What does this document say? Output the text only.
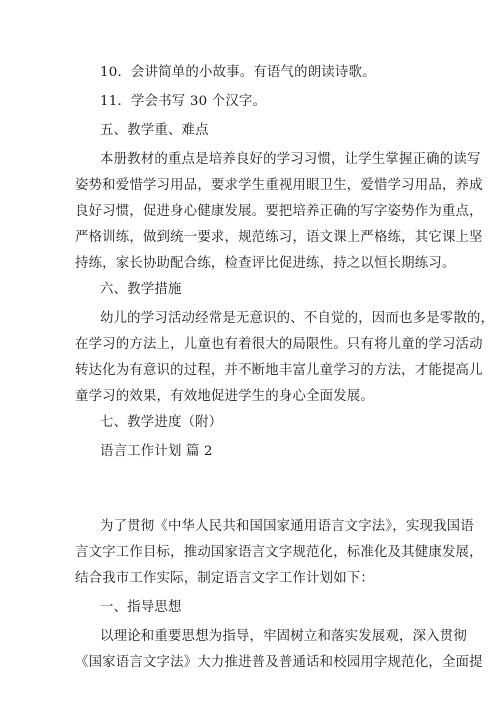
10．会讲简单的小故事。有语气的朗读诗歌。
11．学会书写 30 个汉字。
五、教学重、难点
本册教材的重点是培养良好的学习习惯，让学生掌握正确的读写
姿势和爱惜学习用品，要求学生重视用眼卫生，爱惜学习用品，养成
良好习惯，促进身心健康发展。要把培养正确的写字姿势作为重点，
严格训练，做到统一要求，规范练习，语文课上严格练，其它课上坚
持练，家长协助配合练，检查评比促进练，持之以恒长期练习。
六、教学措施
幼儿的学习活动经常是无意识的、不自觉的，因而也多是零散的，
在学习的方法上，儿童也有着很大的局限性。只有将儿童的学习活动
转达化为有意识的过程，并不断地丰富儿童学习的方法，才能提高儿
童学习的效果，有效地促进学生的身心全面发展。
七、教学进度（附）
语言工作计划 篇 2
为了贯彻《中华人民共和国国家通用语言文字法》，实现我国语
言文字工作目标，推动国家语言文字规范化，标准化及其健康发展，
结合我市工作实际，制定语言文字工作计划如下：
一、指导思想
以理论和重要思想为指导，牢固树立和落实发展观，深入贯彻
《国家语言文字法》大力推进普及普通话和校园用字规范化，全面提
